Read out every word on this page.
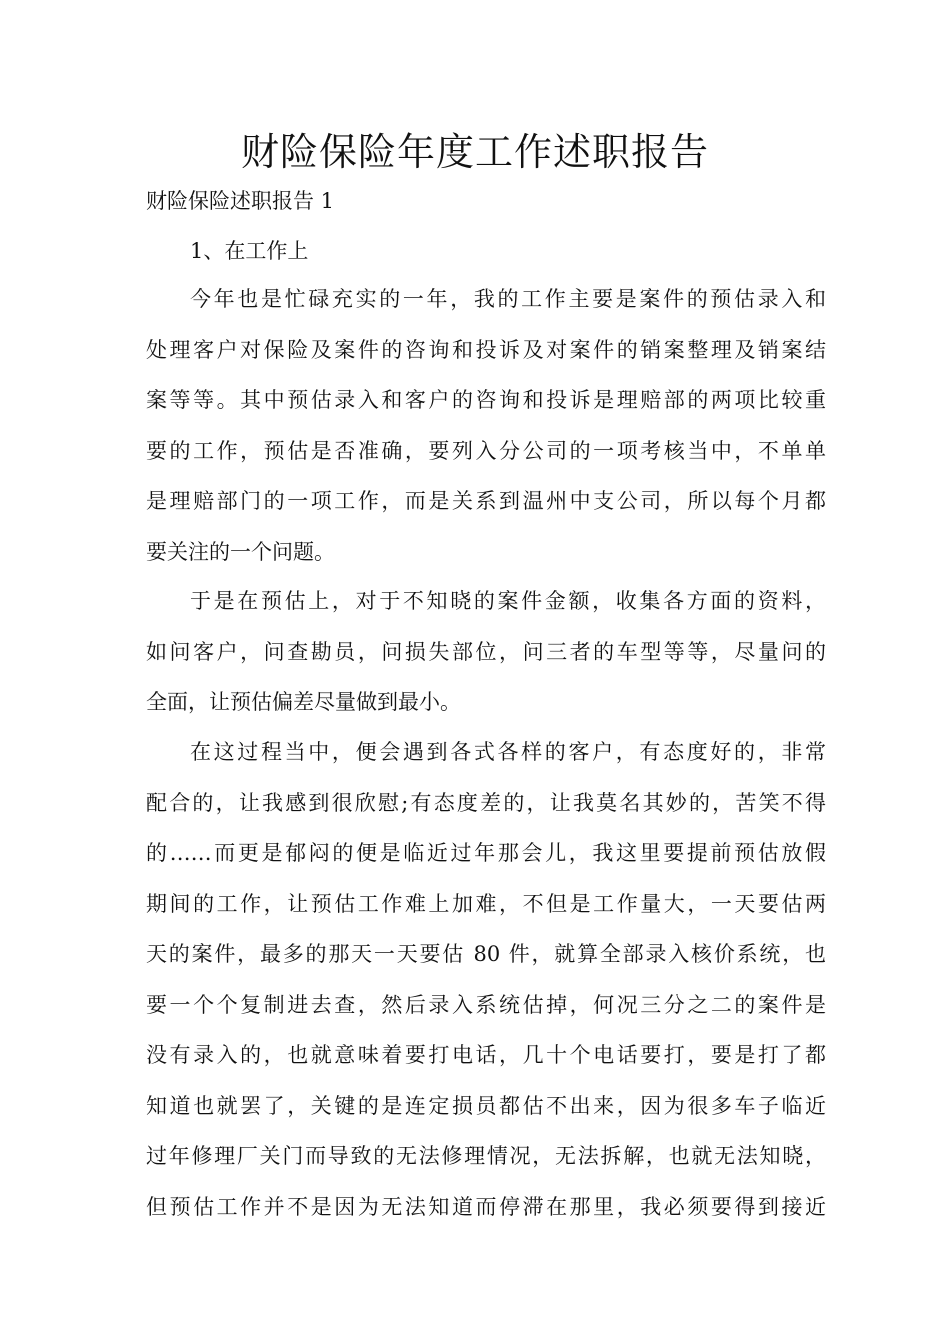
财险保险年度工作述职报告

财险保险述职报告 1

1、在工作上

今年也是忙碌充实的一年，我的工作主要是案件的预估录入和
处理客户对保险及案件的咨询和投诉及对案件的销案整理及销案结
案等等。其中预估录入和客户的咨询和投诉是理赔部的两项比较重
要的工作，预估是否准确，要列入分公司的一项考核当中，不单单
是理赔部门的一项工作，而是关系到温州中支公司，所以每个月都
要关注的一个问题。
于是在预估上，对于不知晓的案件金额，收集各方面的资料，
如问客户，问查勘员，问损失部位，问三者的车型等等，尽量问的
全面，让预估偏差尽量做到最小。
在这过程当中，便会遇到各式各样的客户，有态度好的，非常
配合的，让我感到很欣慰;有态度差的，让我莫名其妙的，苦笑不得
的……而更是郁闷的便是临近过年那会儿，我这里要提前预估放假
期间的工作，让预估工作难上加难，不但是工作量大，一天要估两
天的案件，最多的那天一天要估 80 件，就算全部录入核价系统，也
要一个个复制进去查，然后录入系统估掉，何况三分之二的案件是
没有录入的，也就意味着要打电话，几十个电话要打，要是打了都
知道也就罢了，关键的是连定损员都估不出来，因为很多车子临近
过年修理厂关门而导致的无法修理情况，无法拆解，也就无法知晓，
但预估工作并不是因为无法知道而停滞在那里，我必须要得到接近
